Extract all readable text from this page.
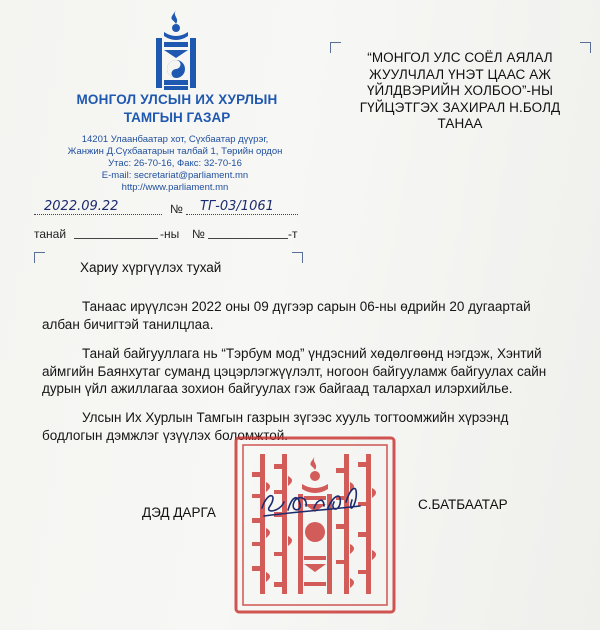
МОНГОЛ УЛСЫН ИХ ХУРЛЫН
ТАМГЫН ГАЗАР
14201 Улаанбаатар хот, Сүхбаатар дүүрэг,
Жанжин Д.Сүхбаатарын талбай 1, Төрийн ордон
Утас: 26-70-16, Факс: 32-70-16
E-mail: secretariat@parliament.mn
http://www.parliament.mn
“МОНГОЛ УЛС СОЁЛ АЯЛАЛ
ЖУУЛЧЛАЛ ҮНЭТ ЦААС АЖ
ҮЙЛДВЭРИЙН ХОЛБОО”-НЫ
ГҮЙЦЭТГЭХ ЗАХИРАЛ Н.БОЛД
ТАНАА
2022.09.22	№ ТГ-03/1061
танай	-ны №	-т
Хариу хүргүүлэх тухай
Танаас ирүүлсэн 2022 оны 09 дүгээр сарын 06-ны өдрийн 20 дугаартай албан бичигтэй танилцлаа.
Танай байгууллага нь “Тэрбум мод” үндэсний хөдөлгөөнд нэгдэж, Хэнтий аймгийн Баянхутаг суманд цэцэрлэгжүүлэлт, ногоон байгууламж байгуулах сайн дурын үйл ажиллагаа зохион байгуулах гэж байгаад талархал илэрхийлье.
Улсын Их Хурлын Тамгын газрын зүгээс хууль тогтоомжийн хүрээнд бодлогын дэмжлэг үзүүлэх боломжтой.
ДЭД ДАРГА
С.БАТБААТАР
